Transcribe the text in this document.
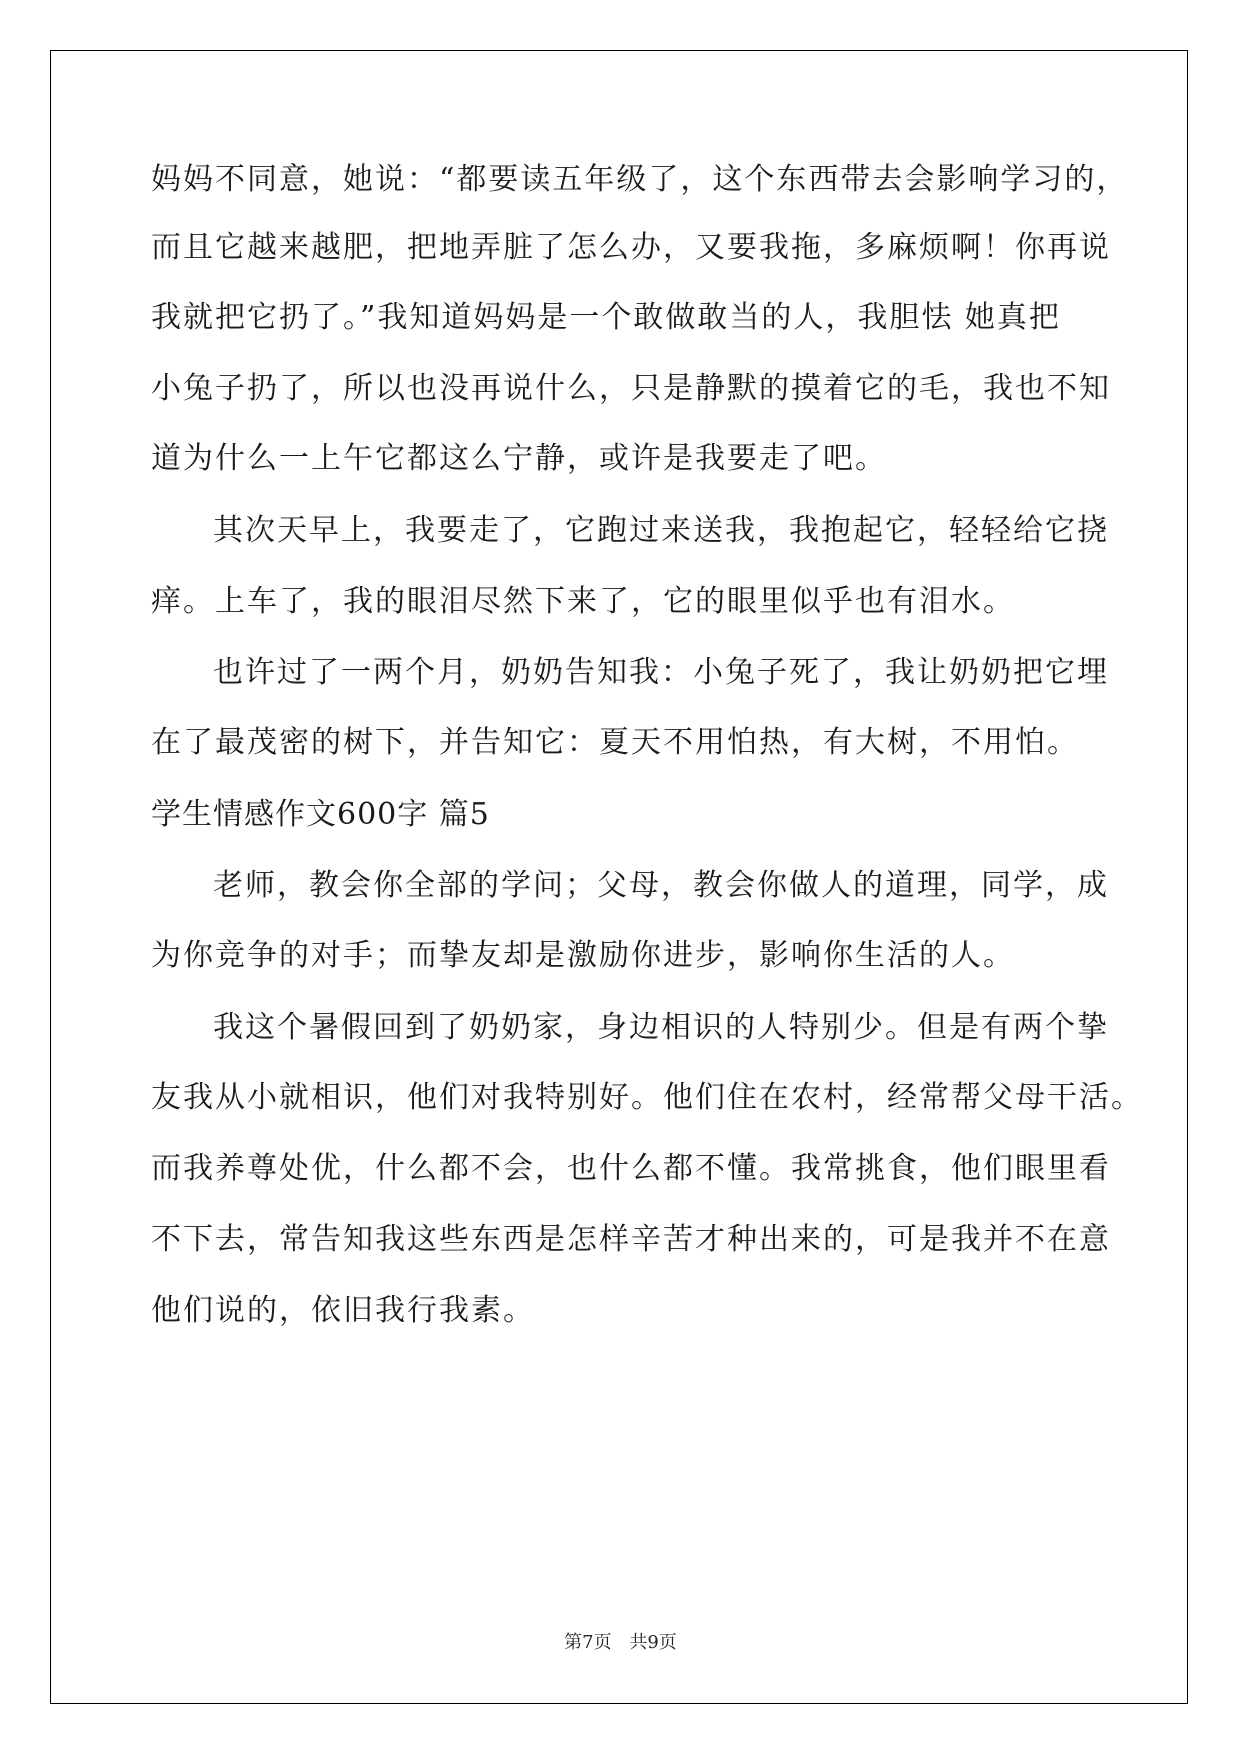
妈妈不同意，她说：“都要读五年级了，这个东西带去会影响学习的，

而且它越来越肥，把地弄脏了怎么办，又要我拖，多麻烦啊！你再说

我就把它扔了。”我知道妈妈是一个敢做敢当的人，我胆怯 她真把

小兔子扔了，所以也没再说什么，只是静默的摸着它的毛，我也不知

道为什么一上午它都这么宁静，或许是我要走了吧。

其次天早上，我要走了，它跑过来送我，我抱起它，轻轻给它挠

痒。上车了，我的眼泪尽然下来了，它的眼里似乎也有泪水。

也许过了一两个月，奶奶告知我：小兔子死了，我让奶奶把它埋

在了最茂密的树下，并告知它：夏天不用怕热，有大树，不用怕。

学生情感作文600字 篇5

老师，教会你全部的学问；父母，教会你做人的道理，同学，成

为你竞争的对手；而挚友却是激励你进步，影响你生活的人。

我这个暑假回到了奶奶家，身边相识的人特别少。但是有两个挚

友我从小就相识，他们对我特别好。他们住在农村，经常帮父母干活。

而我养尊处优，什么都不会，也什么都不懂。我常挑食，他们眼里看

不下去，常告知我这些东西是怎样辛苦才种出来的，可是我并不在意

他们说的，依旧我行我素。

第7页 共9页
